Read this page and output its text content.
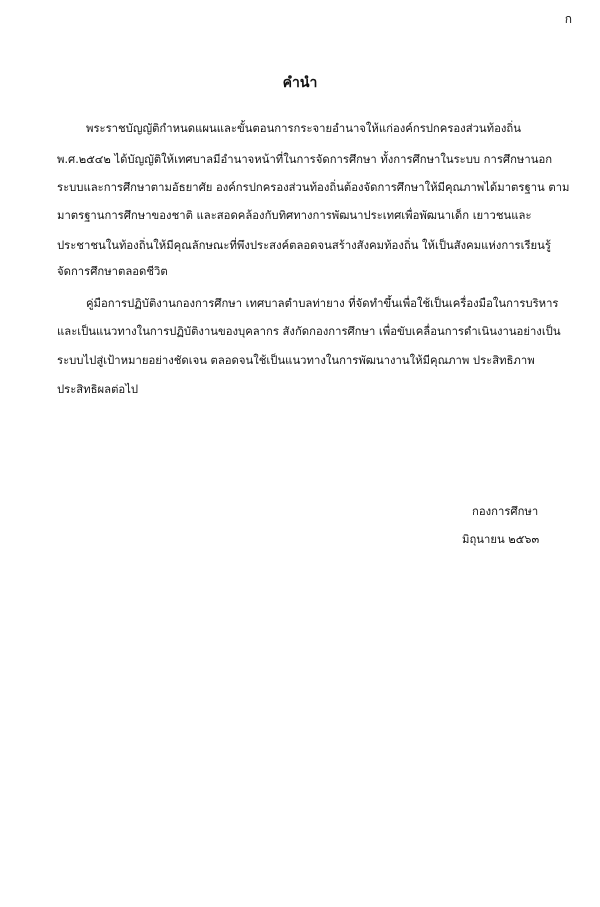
ก
คำนำ
พระราชบัญญัติกำหนดแผนและขั้นตอนการกระจายอำนาจให้แก่องค์กรปกครองส่วนท้องถิ่น
พ.ศ.๒๕๔๒ ได้บัญญัติให้เทศบาลมีอำนาจหน้าที่ในการจัดการศึกษา ทั้งการศึกษาในระบบ การศึกษานอก
ระบบและการศึกษาตามอัธยาศัย องค์กรปกครองส่วนท้องถิ่นต้องจัดการศึกษาให้มีคุณภาพได้มาตรฐาน ตาม
มาตรฐานการศึกษาของชาติ และสอดคล้องกับทิศทางการพัฒนาประเทศเพื่อพัฒนาเด็ก เยาวชนและ
ประชาชนในท้องถิ่นให้มีคุณลักษณะที่พึงประสงค์ตลอดจนสร้างสังคมท้องถิ่น ให้เป็นสังคมแห่งการเรียนรู้
จัดการศึกษาตลอดชีวิต
คู่มือการปฏิบัติงานกองการศึกษา เทศบาลตำบลท่ายาง ที่จัดทำขึ้นเพื่อใช้เป็นเครื่องมือในการบริหาร
และเป็นแนวทางในการปฏิบัติงานของบุคลากร สังกัดกองการศึกษา เพื่อขับเคลื่อนการดำเนินงานอย่างเป็น
ระบบไปสู่เป้าหมายอย่างชัดเจน ตลอดจนใช้เป็นแนวทางในการพัฒนางานให้มีคุณภาพ ประสิทธิภาพ
ประสิทธิผลต่อไป
กองการศึกษา
มิถุนายน ๒๕๖๓
